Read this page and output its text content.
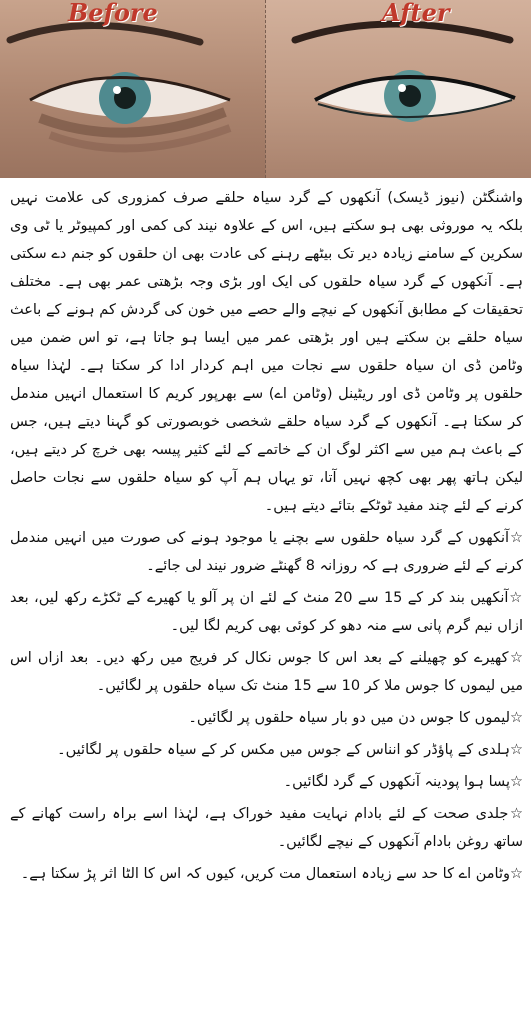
Before	After

واشنگٹن (نیوز ڈیسک) آنکھوں کے گرد سیاہ حلقے صرف کمزوری کی علامت نہیں بلکہ یہ موروثی بھی ہو سکتے ہیں، اس کے علاوہ نیند کی کمی اور کمپیوٹر یا ٹی وی سکرین کے سامنے زیادہ دیر تک بیٹھے رہنے کی عادت بھی ان حلقوں کو جنم دے سکتی ہے۔ آنکھوں کے گرد سیاہ حلقوں کی ایک اور بڑی وجہ بڑھتی عمر بھی ہے۔ مختلف تحقیقات کے مطابق آنکھوں کے نیچے والے حصے میں خون کی گردش کم ہونے کے باعث سیاہ حلقے بن سکتے ہیں اور بڑھتی عمر میں ایسا ہو جاتا ہے، تو اس ضمن میں وٹامن ڈی ان سیاہ حلقوں سے نجات میں اہم کردار ادا کر سکتا ہے۔ لہٰذا سیاہ حلقوں پر وٹامن ڈی اور ریٹینل (وٹامن اے) سے بھرپور کریم کا استعمال انہیں مندمل کر سکتا ہے۔ آنکھوں کے گرد سیاہ حلقے شخصی خوبصورتی کو گہنا دیتے ہیں، جس کے باعث ہم میں سے اکثر لوگ ان کے خاتمے کے لئے کثیر پیسہ بھی خرچ کر دیتے ہیں، لیکن ہاتھ پھر بھی کچھ نہیں آتا، تو یہاں ہم آپ کو سیاہ حلقوں سے نجات حاصل کرنے کے لئے چند مفید ٹوٹکے بتائے دیتے ہیں۔

☆آنکھوں کے گرد سیاہ حلقوں سے بچنے یا موجود ہونے کی صورت میں انہیں مندمل کرنے کے لئے ضروری ہے کہ روزانہ 8 گھنٹے ضرور نیند لی جائے۔

☆آنکھیں بند کر کے 15 سے 20 منٹ کے لئے ان پر آلو یا کھیرے کے ٹکڑے رکھ لیں، بعد ازاں نیم گرم پانی سے منہ دھو کر کوئی بھی کریم لگا لیں۔

☆کھیرے کو چھیلنے کے بعد اس کا جوس نکال کر فریج میں رکھ دیں۔ بعد ازاں اس میں لیموں کا جوس ملا کر 10 سے 15 منٹ تک سیاہ حلقوں پر لگائیں۔

☆لیموں کا جوس دن میں دو بار سیاہ حلقوں پر لگائیں۔

☆ہلدی کے پاؤڈر کو انناس کے جوس میں مکس کر کے سیاہ حلقوں پر لگائیں۔

☆پسا ہوا پودینہ آنکھوں کے گرد لگائیں۔

☆جلدی صحت کے لئے بادام نہایت مفید خوراک ہے، لہٰذا اسے براہ راست کھانے کے ساتھ روغن بادام آنکھوں کے نیچے لگائیں۔

☆وٹامن اے کا حد سے زیادہ استعمال مت کریں، کیوں کہ اس کا الٹا اثر پڑ سکتا ہے۔
